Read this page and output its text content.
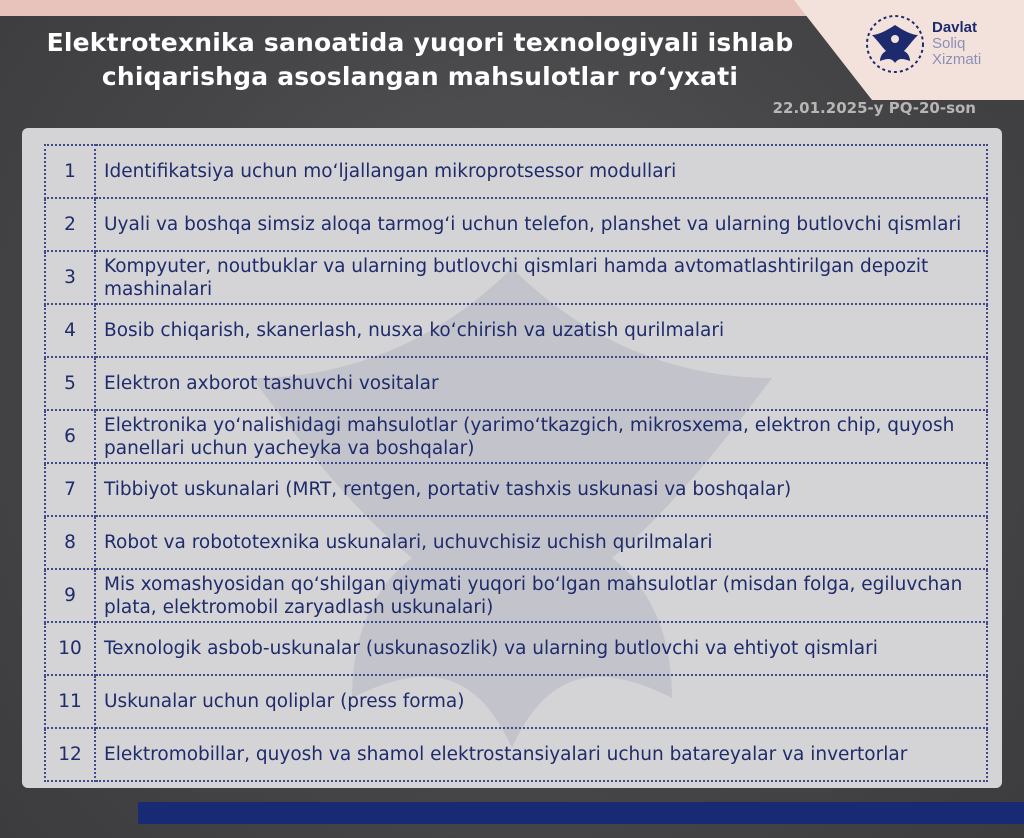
Davlat
Soliq
Xizmati
Elektrotexnika sanoatida yuqori texnologiyali ishlab chiqarishga asoslangan mahsulotlar ro‘yxati
22.01.2025-y PQ-20-son
1	Identifikatsiya uchun mo‘ljallangan mikroprotsessor modullari
2	Uyali va boshqa simsiz aloqa tarmog‘i uchun telefon, planshet va ularning butlovchi qismlari
3	Kompyuter, noutbuklar va ularning butlovchi qismlari hamda avtomatlashtirilgan depozit mashinalari
4	Bosib chiqarish, skanerlash, nusxa ko‘chirish va uzatish qurilmalari
5	Elektron axborot tashuvchi vositalar
6	Elektronika yo‘nalishidagi mahsulotlar (yarimo‘tkazgich, mikrosxema, elektron chip, quyosh panellari uchun yacheyka va boshqalar)
7	Tibbiyot uskunalari (MRT, rentgen, portativ tashxis uskunasi va boshqalar)
8	Robot va robototexnika uskunalari, uchuvchisiz uchish qurilmalari
9	Mis xomashyosidan qo‘shilgan qiymati yuqori bo‘lgan mahsulotlar (misdan folga, egiluvchan plata, elektromobil zaryadlash uskunalari)
10	Texnologik asbob-uskunalar (uskunasozlik) va ularning butlovchi va ehtiyot qismlari
11	Uskunalar uchun qoliplar (press forma)
12	Elektromobillar, quyosh va shamol elektrostansiyalari uchun batareyalar va invertorlar
